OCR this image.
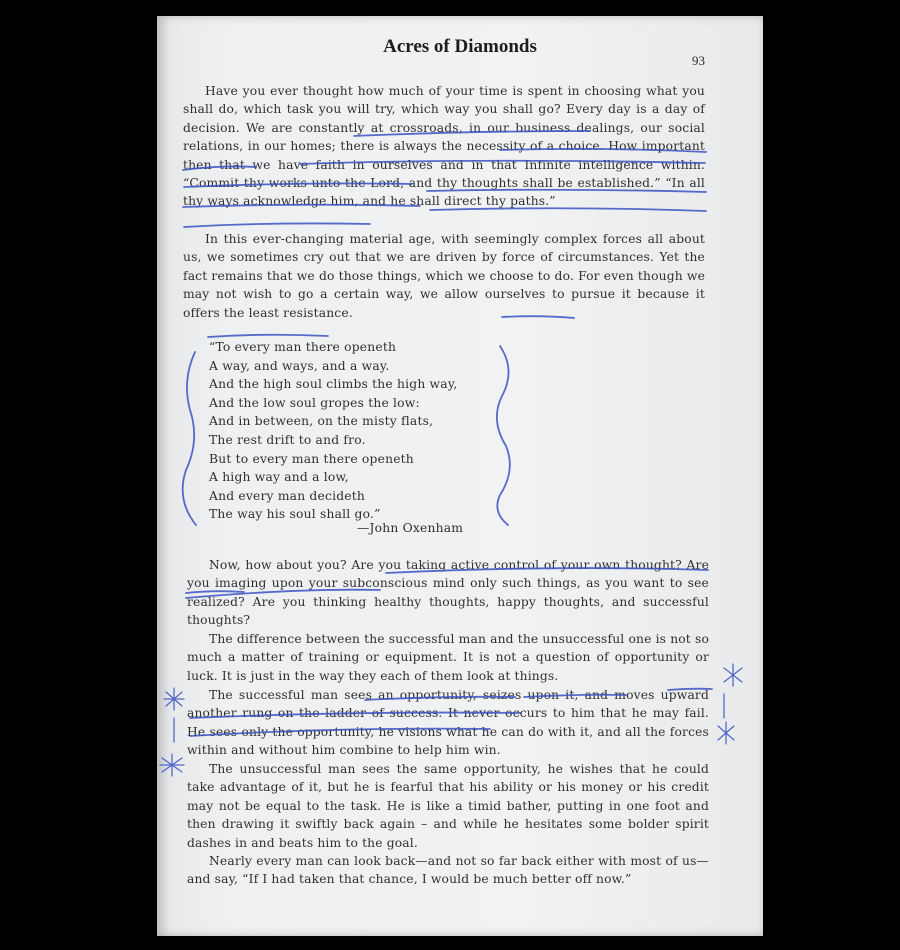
Acres of Diamonds
93

Have you ever thought how much of your time is spent in choosing what you shall do, which task you will try, which way you shall go? Every day is a day of decision. We are constantly at crossroads, in our business dealings, our social relations, in our homes; there is always the necessity of a choice. How important then that we have faith in ourselves and in that Infinite intelligence within. “Commit thy works unto the Lord, and thy thoughts shall be established.” “In all thy ways acknowledge him, and he shall direct thy paths.”

In this ever-changing material age, with seemingly complex forces all about us, we sometimes cry out that we are driven by force of circumstances. Yet the fact remains that we do those things, which we choose to do. For even though we may not wish to go a certain way, we allow ourselves to pursue it because it offers the least resistance.

“To every man there openeth
A way, and ways, and a way.
And the high soul climbs the high way,
And the low soul gropes the low:
And in between, on the misty flats,
The rest drift to and fro.
But to every man there openeth
A high way and a low,
And every man decideth
The way his soul shall go.”
—John Oxenham

Now, how about you? Are you taking active control of your own thought? Are you imaging upon your subconscious mind only such things, as you want to see realized? Are you thinking healthy thoughts, happy thoughts, and successful thoughts?

The difference between the successful man and the unsuccessful one is not so much a matter of training or equipment. It is not a question of opportunity or luck. It is just in the way they each of them look at things.

The successful man sees an opportunity, seizes upon it, and moves upward another rung on the ladder of success. It never occurs to him that he may fail. He sees only the opportunity, he visions what he can do with it, and all the forces within and without him combine to help him win.

The unsuccessful man sees the same opportunity, he wishes that he could take advantage of it, but he is fearful that his ability or his money or his credit may not be equal to the task. He is like a timid bather, putting in one foot and then drawing it swiftly back again – and while he hesitates some bolder spirit dashes in and beats him to the goal.

Nearly every man can look back—and not so far back either with most of us—and say, “If I had taken that chance, I would be much better off now.”
